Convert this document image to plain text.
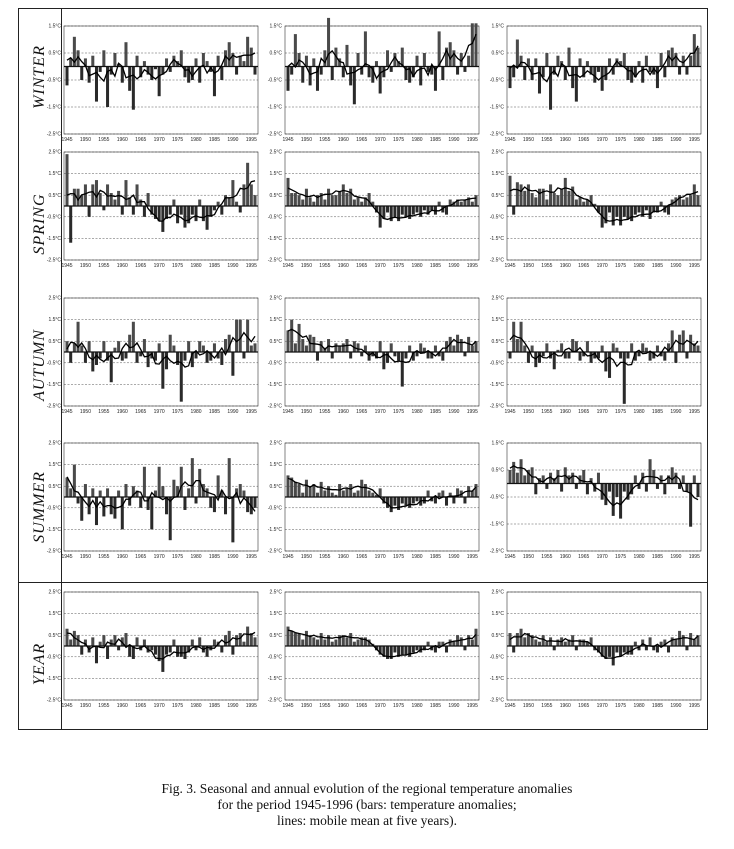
WINTER
SPRING
AUTUMN
SUMMER
YEAR
1.5°C
0.5°C
-0.5°C
-1.5°C
-2.5°C
1945 1950 1955 1960 1965 1970 1975 1980 1985 1990 1995
1.5°C
0.5°C
-0.5°C
-1.5°C
-2.5°C
1945 1950 1955 1960 1965 1970 1975 1980 1985 1990 1995
1.5°C
0.5°C
-0.5°C
-1.5°C
-2.5°C
1945 1950 1955 1960 1965 1970 1975 1980 1985 1990 1995
2.5°C
1.5°C
0.5°C
-0.5°C
-1.5°C
-2.5°C
1945 1950 1955 1960 1965 1970 1975 1980 1985 1990 1995
2.5°C
1.5°C
0.5°C
-0.5°C
-1.5°C
-2.5°C
1945 1950 1955 1960 1965 1970 1975 1980 1985 1990 1995
2.5°C
1.5°C
0.5°C
-0.5°C
-1.5°C
-2.5°C
1945 1950 1955 1960 1965 1970 1975 1980 1985 1990 1995
2.5°C
1.5°C
0.5°C
-0.5°C
-1.5°C
-2.5°C
1945 1950 1955 1960 1965 1970 1975 1980 1985 1990 1995
2.5°C
1.5°C
0.5°C
-0.5°C
-1.5°C
-2.5°C
1945 1950 1955 1960 1965 1970 1975 1980 1985 1990 1995
2.5°C
1.5°C
0.5°C
-0.5°C
-1.5°C
-2.5°C
1945 1950 1955 1960 1965 1970 1975 1980 1985 1990 1995
2.5°C
1.5°C
0.5°C
-0.5°C
-1.5°C
-2.5°C
1945 1950 1955 1960 1965 1970 1975 1980 1985 1990 1995
2.5°C
1.5°C
0.5°C
-0.5°C
-1.5°C
-2.5°C
1945 1950 1955 1960 1965 1970 1975 1980 1985 1990 1995
1.5°C
0.5°C
-0.5°C
-1.5°C
-2.5°C
1945 1950 1955 1960 1965 1970 1975 1980 1985 1990 1995
2.5°C
1.5°C
0.5°C
-0.5°C
-1.5°C
-2.5°C
1945 1950 1955 1960 1965 1970 1975 1980 1985 1990 1995
2.5°C
1.5°C
0.5°C
-0.5°C
-1.5°C
-2.5°C
1945 1950 1955 1960 1965 1970 1975 1980 1985 1990 1995
2.5°C
1.5°C
0.5°C
-0.5°C
-1.5°C
-2.5°C
1945 1950 1955 1960 1965 1970 1975 1980 1985 1990 1995
Fig. 3. Seasonal and annual evolution of the regional temperature anomalies
for the period 1945-1996 (bars: temperature anomalies;
lines: mobile mean at five years).
